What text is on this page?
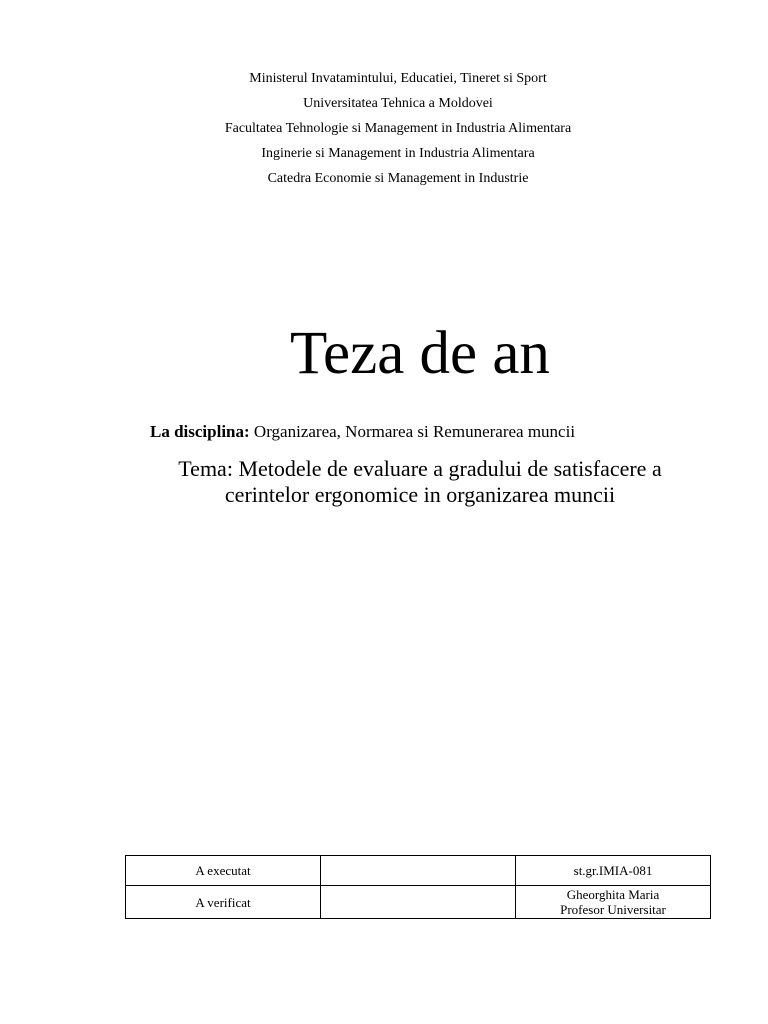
Ministerul Invatamintului, Educatiei, Tineret si Sport
Universitatea Tehnica a Moldovei
Facultatea Tehnologie si Management in Industria Alimentara
Inginerie si Management in Industria Alimentara
Catedra Economie si Management in Industrie
Teza de an
La disciplina: Organizarea, Normarea si Remunerarea muncii
Tema: Metodele de evaluare a gradului de satisfacere a
cerintelor ergonomice in organizarea muncii
A executat		st.gr.IMIA-081

A verificat		Gheorghita Maria
Profesor Universitar
